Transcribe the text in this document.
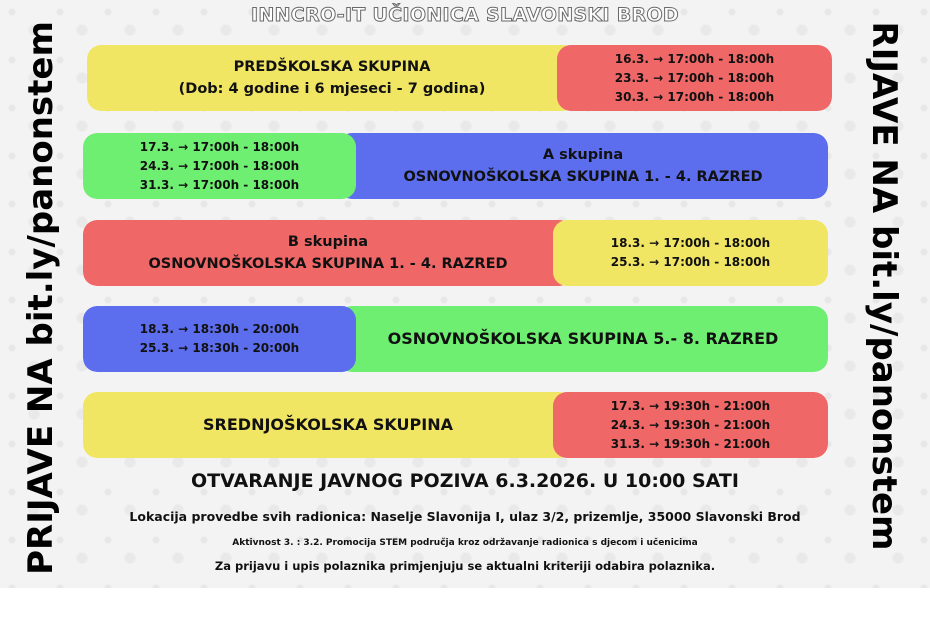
INNCRO-IT UČIONICA SLAVONSKI BROD
PRIJAVE NA bit.ly/panonstem	RIJAVE NA bit.ly/panonstem
PREDŠKOLSKA SKUPINA
(Dob: 4 godine i 6 mjeseci - 7 godina)
16.3. → 17:00h - 18:00h
23.3. → 17:00h - 18:00h
30.3. → 17:00h - 18:00h
A skupina
OSNOVNOŠKOLSKA SKUPINA 1. - 4. RAZRED
17.3. → 17:00h - 18:00h
24.3. → 17:00h - 18:00h
31.3. → 17:00h - 18:00h
B skupina
OSNOVNOŠKOLSKA SKUPINA 1. - 4. RAZRED
18.3. → 17:00h - 18:00h
25.3. → 17:00h - 18:00h
OSNOVNOŠKOLSKA SKUPINA 5.- 8. RAZRED
18.3. → 18:30h - 20:00h
25.3. → 18:30h - 20:00h
SREDNJOŠKOLSKA SKUPINA
17.3. → 19:30h - 21:00h
24.3. → 19:30h - 21:00h
31.3. → 19:30h - 21:00h
OTVARANJE JAVNOG POZIVA 6.3.2026. U 10:00 SATI
Lokacija provedbe svih radionica: Naselje Slavonija I, ulaz 3/2, prizemlje, 35000 Slavonski Brod
Aktivnost 3. : 3.2. Promocija STEM područja kroz održavanje radionica s djecom i učenicima
Za prijavu i upis polaznika primjenjuju se aktualni kriteriji odabira polaznika.
